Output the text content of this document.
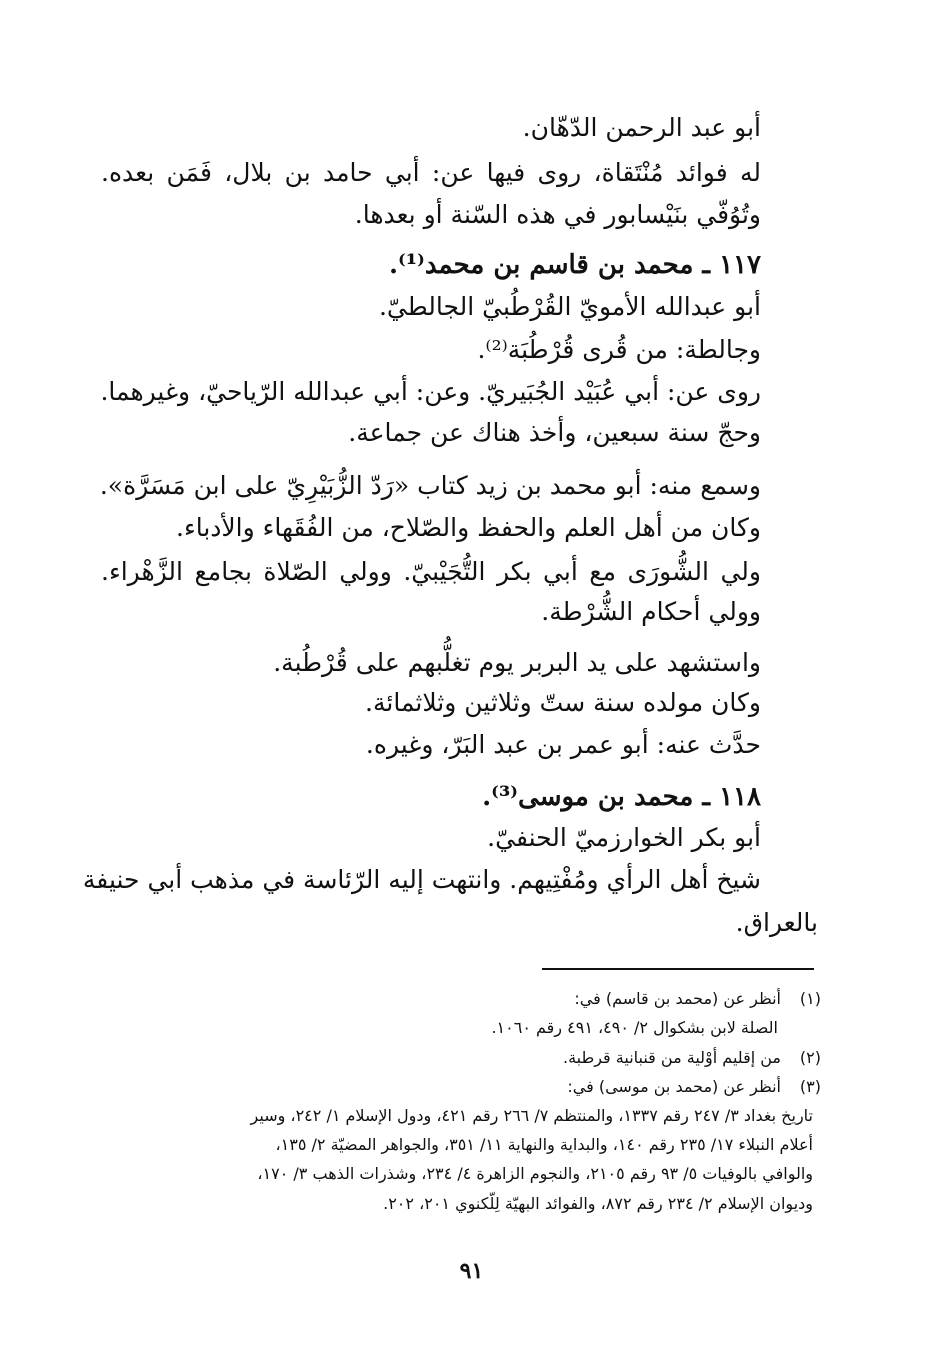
أبو عبد الرحمن الدّهّان.
له فوائد مُنْتَقاة، روى فيها عن: أبي حامد بن بلال، فَمَن بعده.
وتُوُفّي بنَيْسابور في هذه السّنة أو بعدها.
١١٧ ـ محمد بن قاسم بن محمد⁽¹⁾.
أبو عبدالله الأمويّ القُرْطُبيّ الجالطيّ.
وجالطة: من قُرى قُرْطُبَة⁽²⁾.
روى عن: أبي عُبَيْد الجُبَيريّ. وعن: أبي عبدالله الرّياحيّ، وغيرهما.
وحجّ سنة سبعين، وأخذ هناك عن جماعة.
وسمع منه: أبو محمد بن زيد كتاب «رَدّ الزُّبَيْرِيّ على ابن مَسَرَّة».
وكان من أهل العلم والحفظ والصّلاح، من الفُقَهاء والأدباء.
ولي الشُّورَى مع أبي بكر التُّجَيْبيّ. وولي الصّلاة بجامع الزَّهْراء.
وولي أحكام الشُّرْطة.
واستشهد على يد البربر يوم تغلُّبهم على قُرْطُبة.
وكان مولده سنة ستّ وثلاثين وثلاثمائة.
حدَّث عنه: أبو عمر بن عبد البَرّ، وغيره.
١١٨ ـ محمد بن موسى⁽³⁾.
أبو بكر الخوارزميّ الحنفيّ.
شيخ أهل الرأي ومُفْتِيهم. وانتهت إليه الرّئاسة في مذهب أبي حنيفة
بالعراق.
(١)أنظر عن (محمد بن قاسم) في:
الصلة لابن بشكوال ٢/ ٤٩٠، ٤٩١ رقم ١٠٦٠.
(٢)من إقليم أوْلية من قنبانية قرطبة.
(٣)أنظر عن (محمد بن موسى) في:
تاريخ بغداد ٣/ ٢٤٧ رقم ١٣٣٧، والمنتظم ٧/ ٢٦٦ رقم ٤٢١، ودول الإسلام ١/ ٢٤٢، وسير
أعلام النبلاء ١٧/ ٢٣٥ رقم ١٤٠، والبداية والنهاية ١١/ ٣٥١، والجواهر المضيّة ٢/ ١٣٥،
والوافي بالوفيات ٥/ ٩٣ رقم ٢١٠٥، والنجوم الزاهرة ٤/ ٢٣٤، وشذرات الذهب ٣/ ١٧٠،
وديوان الإسلام ٢/ ٢٣٤ رقم ٨٧٢، والفوائد البهيّة لِلّكنوي ٢٠١، ٢٠٢.
٩١
